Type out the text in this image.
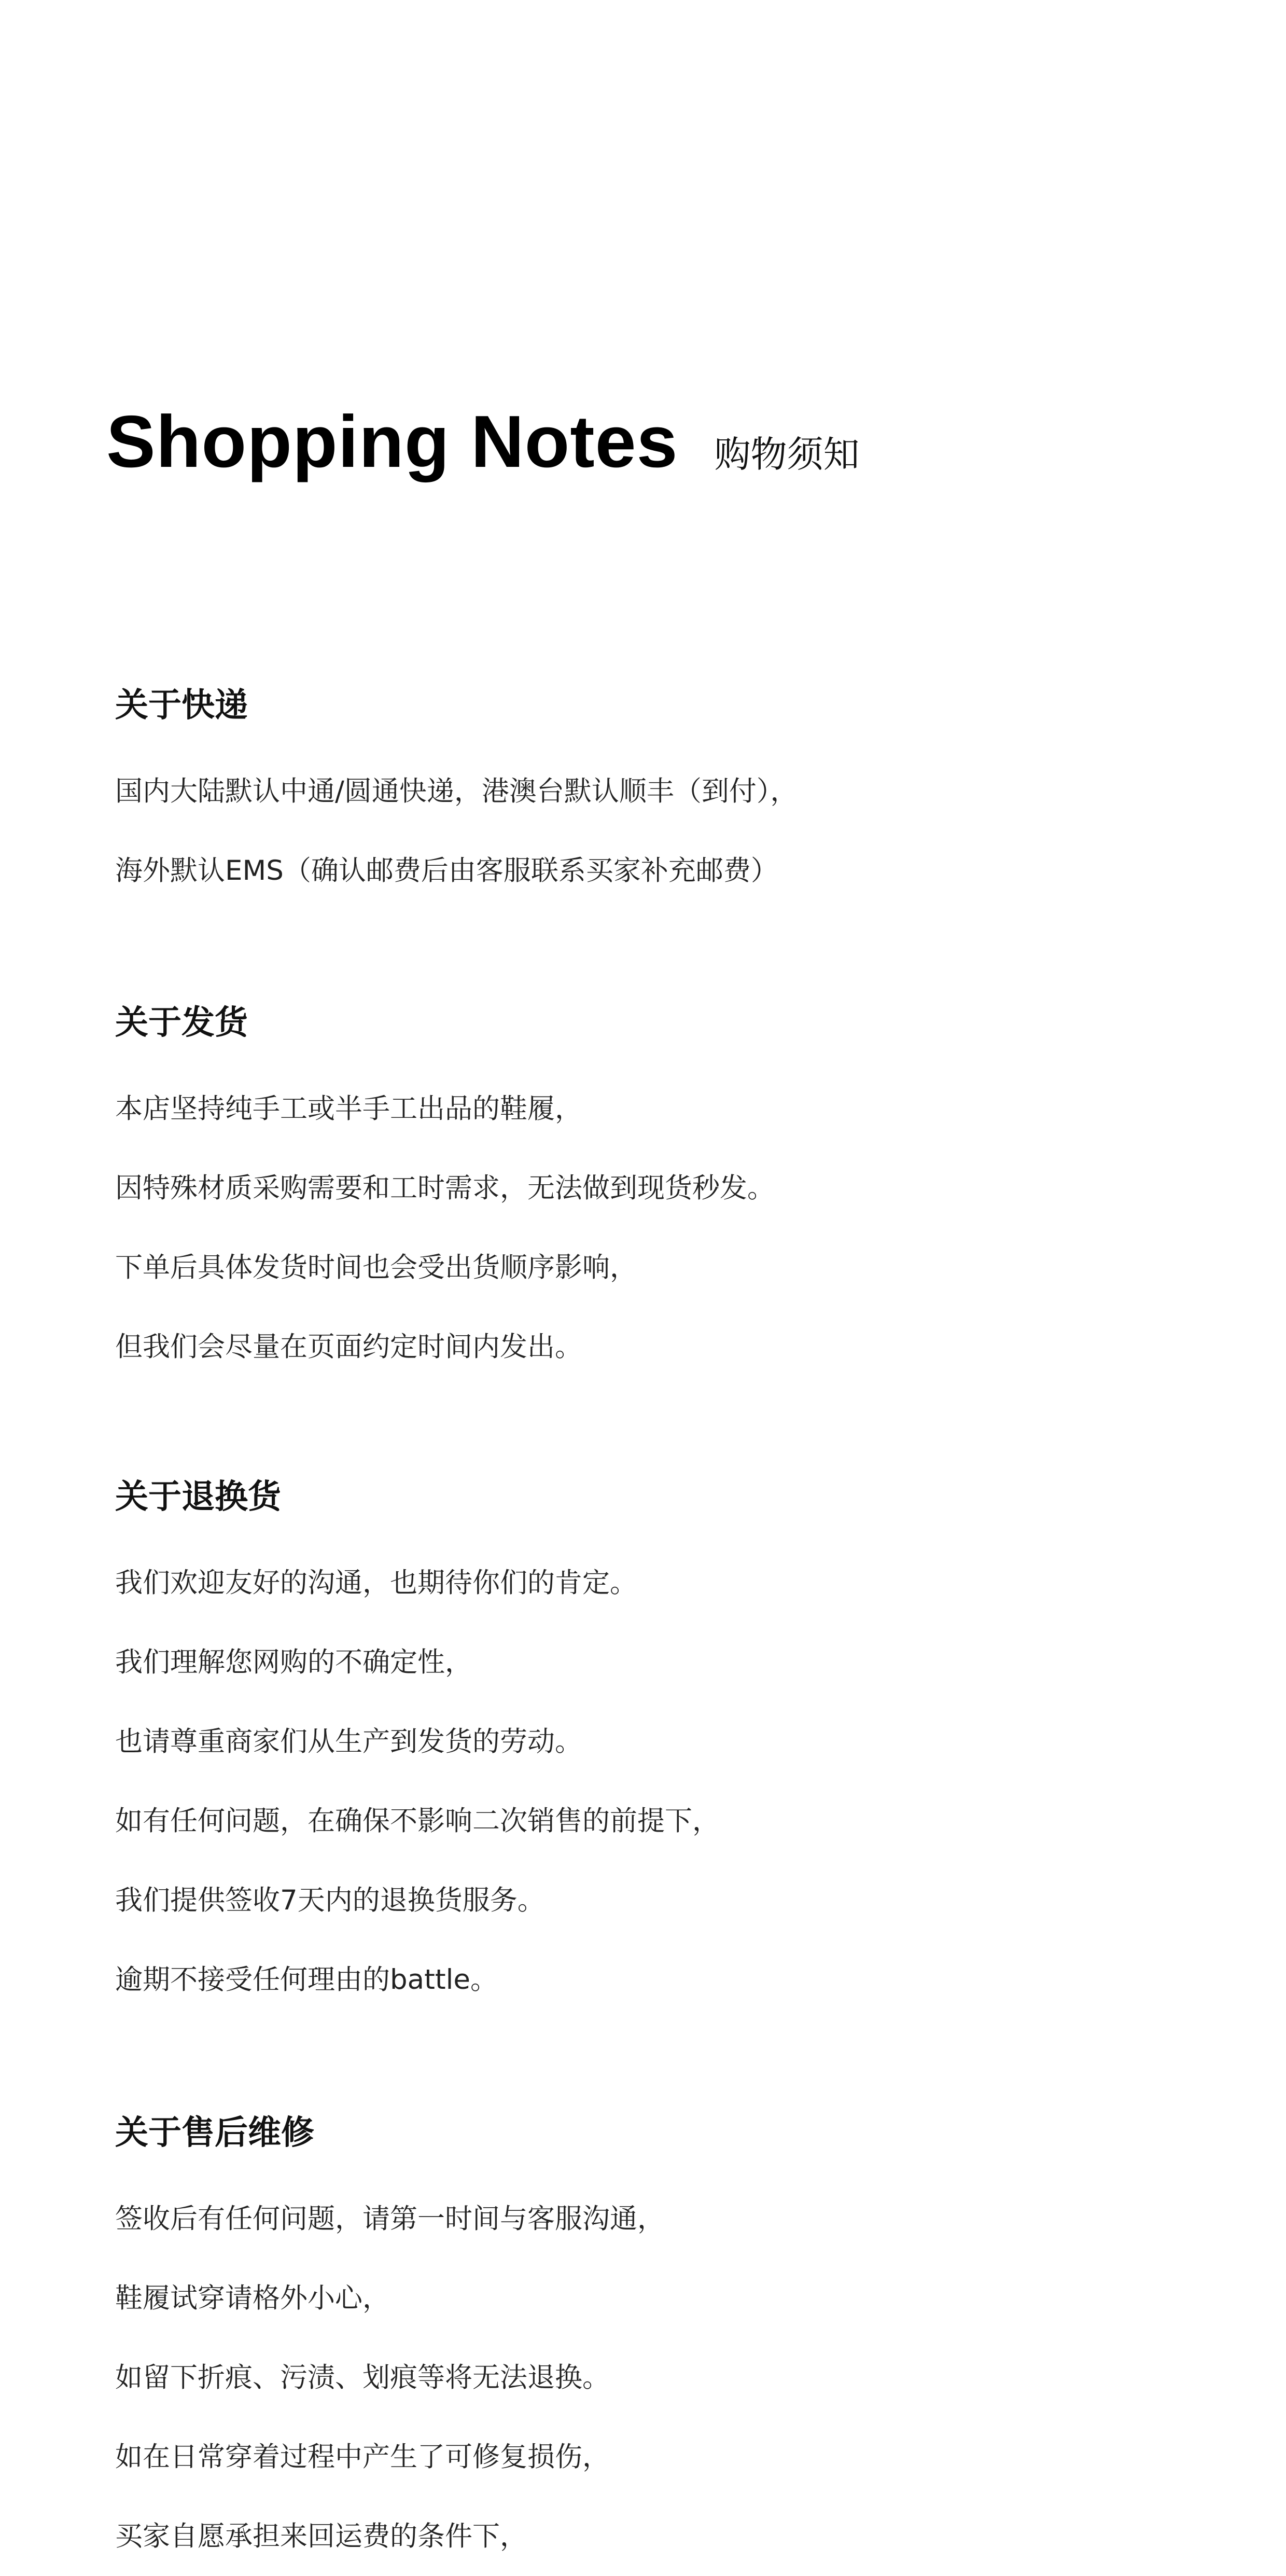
Shopping Notes 购物须知
关于快递
国内大陆默认中通/圆通快递，港澳台默认顺丰（到付），
海外默认EMS（确认邮费后由客服联系买家补充邮费）
关于发货
本店坚持纯手工或半手工出品的鞋履，
因特殊材质采购需要和工时需求，无法做到现货秒发。
下单后具体发货时间也会受出货顺序影响，
但我们会尽量在页面约定时间内发出。
关于退换货
我们欢迎友好的沟通，也期待你们的肯定。
我们理解您网购的不确定性，
也请尊重商家们从生产到发货的劳动。
如有任何问题，在确保不影响二次销售的前提下，
我们提供签收7天内的退换货服务。
逾期不接受任何理由的battle。
关于售后维修
签收后有任何问题，请第一时间与客服沟通，
鞋履试穿请格外小心，
如留下折痕、污渍、划痕等将无法退换。
如在日常穿着过程中产生了可修复损伤，
买家自愿承担来回运费的条件下，
